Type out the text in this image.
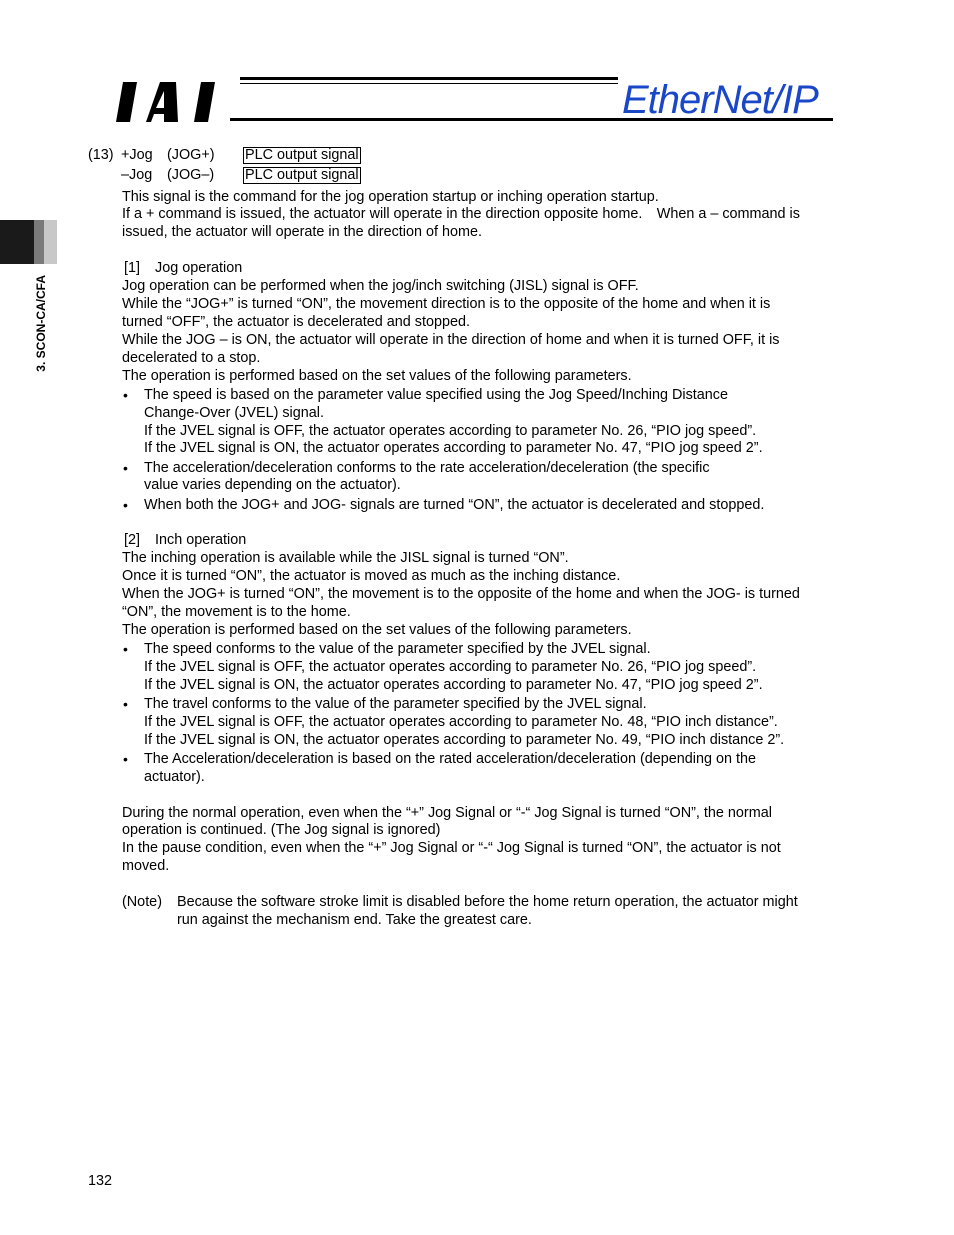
EtherNet/IP
3. SCON-CA/CFA
(13) +Jog (JOG+) PLC output signal
–Jog (JOG–) PLC output signal
This signal is the command for the jog operation startup or inching operation startup.
If a + command is issued, the actuator will operate in the direction opposite home.　When a – command is
issued, the actuator will operate in the direction of home.
[1] Jog operation
Jog operation can be performed when the jog/inch switching (JISL) signal is OFF.
While the “JOG+” is turned “ON”, the movement direction is to the opposite of the home and when it is
turned “OFF”, the actuator is decelerated and stopped.
While the JOG – is ON, the actuator will operate in the direction of home and when it is turned OFF, it is
decelerated to a stop.
The operation is performed based on the set values of the following parameters.
• The speed is based on the parameter value specified using the Jog Speed/Inching Distance
Change-Over (JVEL) signal.
If the JVEL signal is OFF, the actuator operates according to parameter No. 26, “PIO jog speed”.
If the JVEL signal is ON, the actuator operates according to parameter No. 47, “PIO jog speed 2”.
• The acceleration/deceleration conforms to the rate acceleration/deceleration (the specific
value varies depending on the actuator).
• When both the JOG+ and JOG- signals are turned “ON”, the actuator is decelerated and stopped.
[2] Inch operation
The inching operation is available while the JISL signal is turned “ON”.
Once it is turned “ON”, the actuator is moved as much as the inching distance.
When the JOG+ is turned “ON”, the movement is to the opposite of the home and when the JOG- is turned
“ON”, the movement is to the home.
The operation is performed based on the set values of the following parameters.
• The speed conforms to the value of the parameter specified by the JVEL signal.
If the JVEL signal is OFF, the actuator operates according to parameter No. 26, “PIO jog speed”.
If the JVEL signal is ON, the actuator operates according to parameter No. 47, “PIO jog speed 2”.
• The travel conforms to the value of the parameter specified by the JVEL signal.
If the JVEL signal is OFF, the actuator operates according to parameter No. 48, “PIO inch distance”.
If the JVEL signal is ON, the actuator operates according to parameter No. 49, “PIO inch distance 2”.
• The Acceleration/deceleration is based on the rated acceleration/deceleration (depending on the
actuator).
During the normal operation, even when the “+” Jog Signal or “-“ Jog Signal is turned “ON”, the normal
operation is continued. (The Jog signal is ignored)
In the pause condition, even when the “+” Jog Signal or “-“ Jog Signal is turned “ON”, the actuator is not
moved.
(Note) Because the software stroke limit is disabled before the home return operation, the actuator might
run against the mechanism end. Take the greatest care.
132
